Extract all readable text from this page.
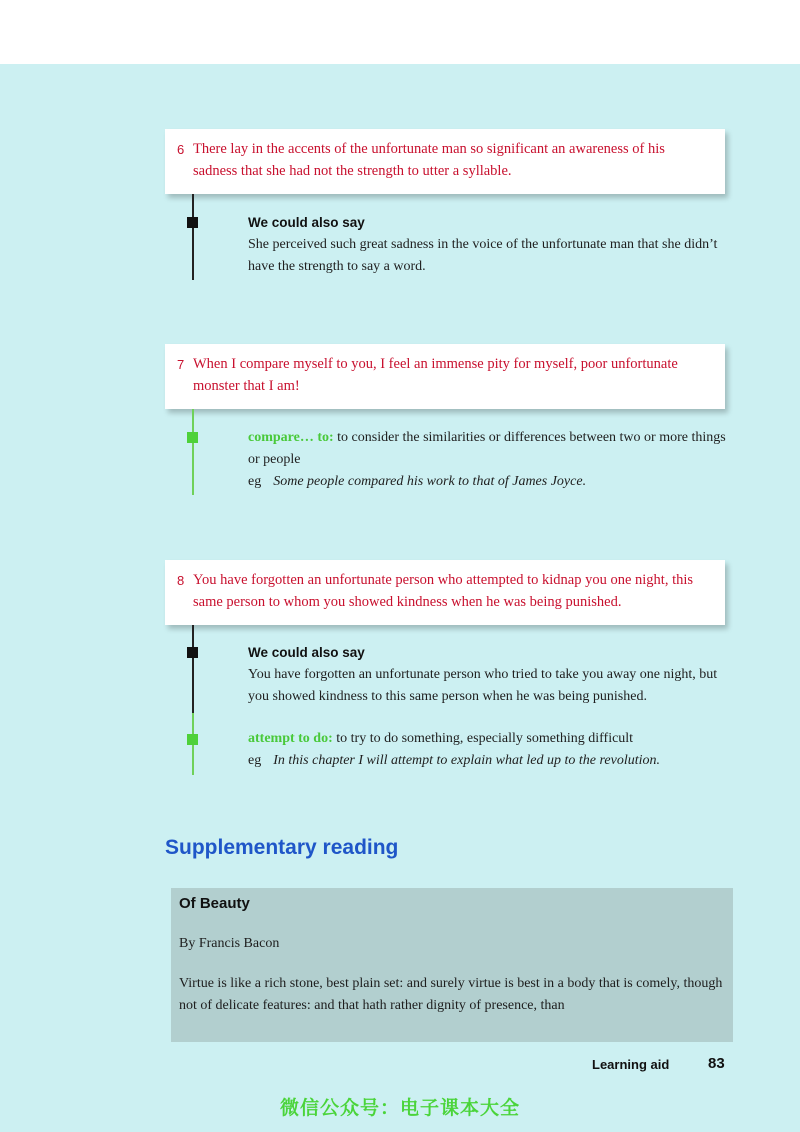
6 There lay in the accents of the unfortunate man so significant an awareness of his sadness that she had not the strength to utter a syllable.
We could also say
She perceived such great sadness in the voice of the unfortunate man that she didn’t have the strength to say a word.
7 When I compare myself to you, I feel an immense pity for myself, poor unfortunate monster that I am!
compare… to: to consider the similarities or differences between two or more things or people
eg Some people compared his work to that of James Joyce.
8 You have forgotten an unfortunate person who attempted to kidnap you one night, this same person to whom you showed kindness when he was being punished.
We could also say
You have forgotten an unfortunate person who tried to take you away one night, but you showed kindness to this same person when he was being punished.
attempt to do: to try to do something, especially something difficult
eg In this chapter I will attempt to explain what led up to the revolution.
Supplementary reading
Of Beauty
By Francis Bacon
Virtue is like a rich stone, best plain set: and surely virtue is best in a body that is comely, though not of delicate features: and that hath rather dignity of presence, than
Learning aid	83
微信公众号：电子课本大全
